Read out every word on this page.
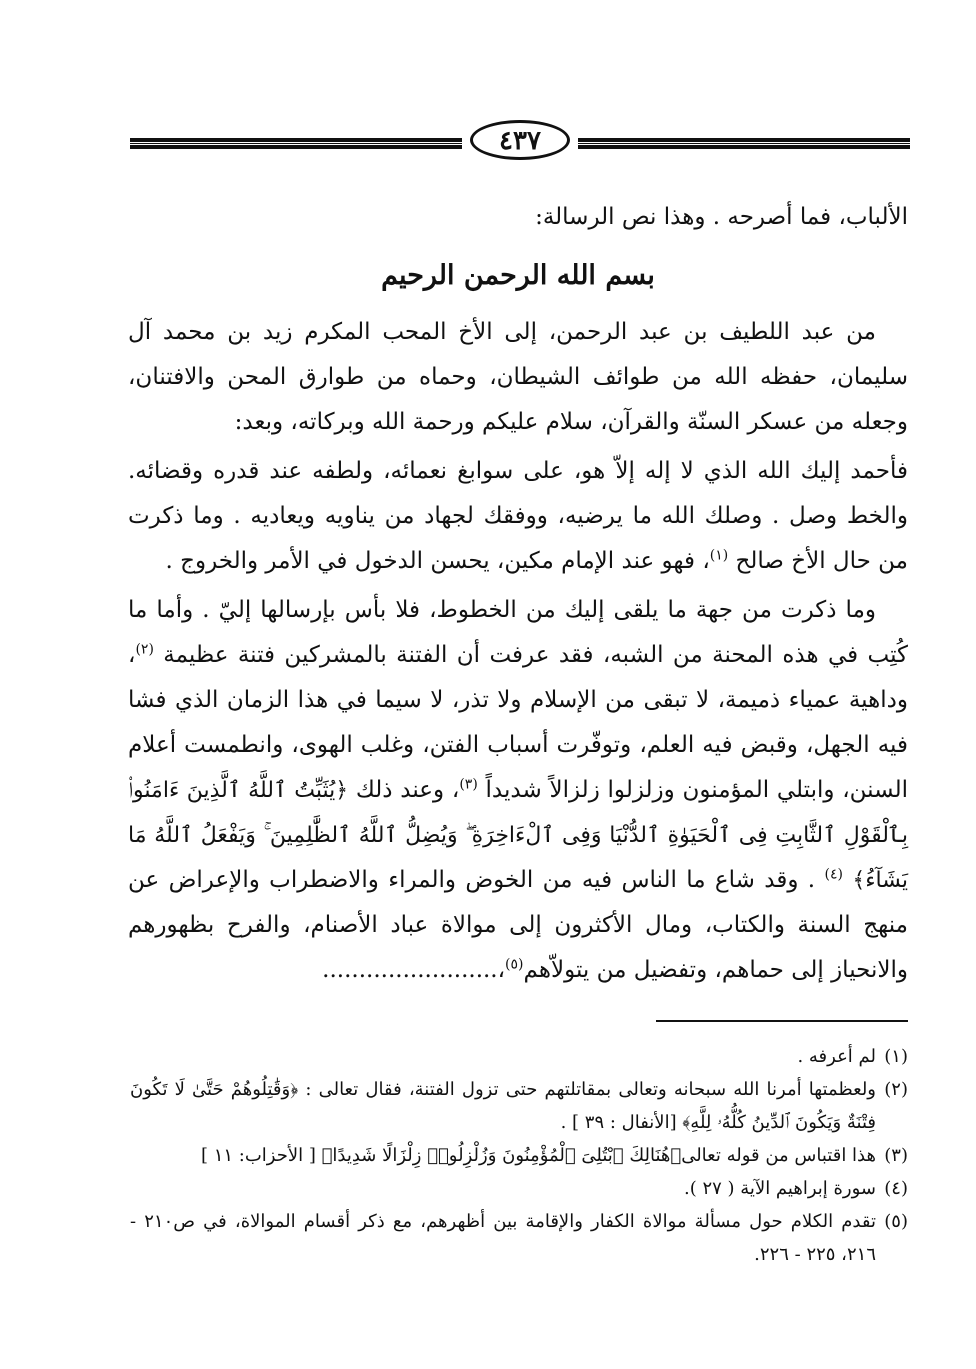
٤٣٧

الألباب، فما أصرحه . وهذا نص الرسالة:

بسم الله الرحمن الرحيم

من عبد اللطيف بن عبد الرحمن، إلى الأخ المحب المكرم زيد بن محمد آل سليمان، حفظه الله من طوائف الشيطان، وحماه من طوارق المحن والافتنان، وجعله من عسكر السنّة والقرآن، سلام عليكم ورحمة الله وبركاته، وبعد:

فأحمد إليك الله الذي لا إله إلاّ هو، على سوابغ نعمائه، ولطفه عند قدره وقضائه. والخط وصل . وصلك الله ما يرضيه، ووفقك لجهاد من يناويه ويعاديه . وما ذكرت من حال الأخ صالح $^{(١)}$، فهو عند الإمام مكين، يحسن الدخول في الأمر والخروج .

وما ذكرت من جهة ما يلقى إليك من الخطوط، فلا بأس بإرسالها إليّ . وأما ما كُتِب في هذه المحنة من الشبه، فقد عرفت أن الفتنة بالمشركين فتنة عظيمة $^{(٢)}$، وداهية عمياء ذميمة، لا تبقى من الإسلام ولا تذر، لا سيما في هذا الزمان الذي فشا فيه الجهل، وقبض فيه العلم، وتوفّرت أسباب الفتن، وغلب الهوى، وانطمست أعلام السنن، وابتلي المؤمنون وزلزلوا زلزالاً شديداً $^{(٣)}$، وعند ذلك ﴿يُثَبِّتُ ٱللَّهُ ٱلَّذِينَ ءَامَنُوا۟ بِٱلْقَوْلِ ٱلثَّابِتِ فِى ٱلْحَيَوٰةِ ٱلدُّنْيَا وَفِى ٱلْءَاخِرَةِ ۖ وَيُضِلُّ ٱللَّهُ ٱلظَّٰلِمِينَ ۚ وَيَفْعَلُ ٱللَّهُ مَا يَشَآءُ﴾ $^{(٤)}$ . وقد شاع ما الناس فيه من الخوض والمراء والاضطراب والإعراض عن منهج السنة والكتاب، ومال الأكثرون إلى موالاة عباد الأصنام، والفرح بظهورهم والانحياز إلى حماهم، وتفضيل من يتولاّهم$^{(٥)}$،........................

(١)لم أعرفه .

(٢)ولعظمتها أمرنا الله سبحانه وتعالى بمقاتلتهم حتى تزول الفتنة، فقال تعالى : ﴿وَقَٰتِلُوهُمْ حَتَّىٰ لَا تَكُونَ فِتْنَةٌ وَيَكُونَ ٱلدِّينُ كُلُّهُۥ لِلَّهِ﴾ [الأنفال : ٣٩ ] .

(٣)هذا اقتباس من قوله تعالى﴿هُنَالِكَ ٱبْتُلِىَ ٱلْمُؤْمِنُونَ وَزُلْزِلُوا۟ زِلْزَالًا شَدِيدًا﴾ [ الأحزاب: ١١ ]

(٤)سورة إبراهيم الآية ( ٢٧ ).

(٥)تقدم الكلام حول مسألة موالاة الكفار والإقامة بين أظهرهم، مع ذكر أقسام الموالاة، في ص٢١٠ - ٢١٦، ٢٢٥ - ٢٢٦.
